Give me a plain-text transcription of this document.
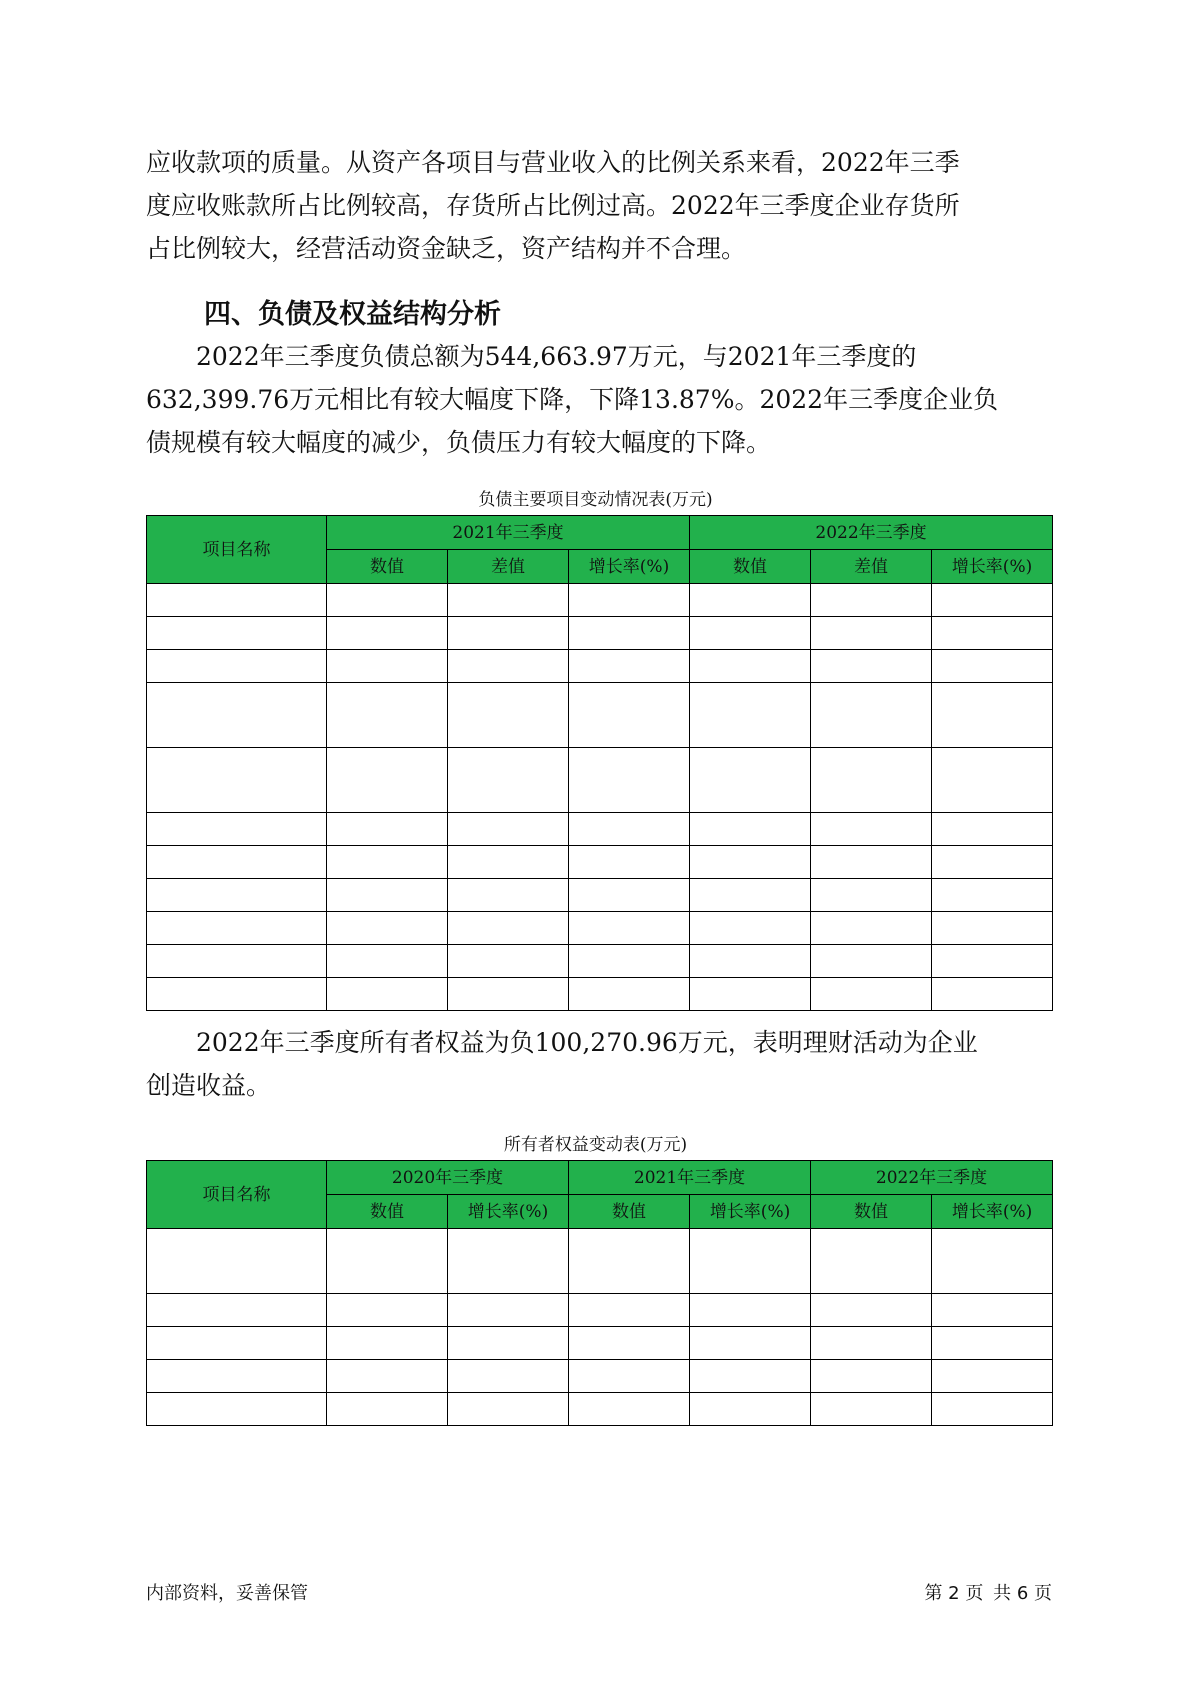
应收款项的质量。从资产各项目与营业收入的比例关系来看，2022年三季
度应收账款所占比例较高，存货所占比例过高。2022年三季度企业存货所
占比例较大，经营活动资金缺乏，资产结构并不合理。

四、负债及权益结构分析

2022年三季度负债总额为544,663.97万元，与2021年三季度的
632,399.76万元相比有较大幅度下降，下降13.87%。2022年三季度企业负
债规模有较大幅度的减少，负债压力有较大幅度的下降。

负债主要项目变动情况表(万元)
项目名称	2021年三季度			2022年三季度		
	数值	差值	增长率(%)	数值	差值	增长率(%)

2022年三季度所有者权益为负100,270.96万元，表明理财活动为企业
创造收益。

所有者权益变动表(万元)
项目名称	2020年三季度		2021年三季度		2022年三季度	
	数值	增长率(%)	数值	增长率(%)	数值	增长率(%)

内部资料，妥善保管	第 2 页 共 6 页
